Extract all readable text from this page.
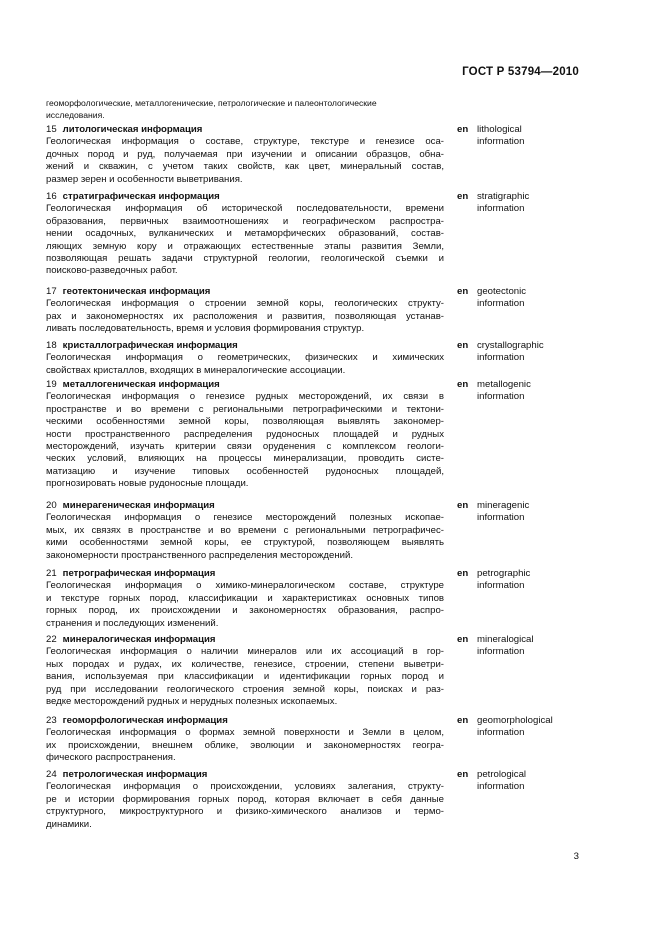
ГОСТ Р 53794—2010
геоморфологические, металлогенические, петрологические и палеонтологические
исследования.
15 литологическая информация
Геологическая информация о составе, структуре, текстуре и генезисе оса-
дочных пород и руд, получаемая при изучении и описании образцов, обна-
жений и скважин, с учетом таких свойств, как цвет, минеральный состав,
размер зерен и особенности выветривания.
en lithological
information
16 стратиграфическая информация
Геологическая информация об исторической последовательности, времени
образования, первичных взаимоотношениях и географическом распростра-
нении осадочных, вулканических и метаморфических образований, состав-
ляющих земную кору и отражающих естественные этапы развития Земли,
позволяющая решать задачи структурной геологии, геологической съемки и
поисково-разведочных работ.
en stratigraphic
information
17 геотектоническая информация
Геологическая информация о строении земной коры, геологических структу-
рах и закономерностях их расположения и развития, позволяющая устанав-
ливать последовательность, время и условия формирования структур.
en geotectonic
information
18 кристаллографическая информация
Геологическая информация о геометрических, физических и химических
свойствах кристаллов, входящих в минералогические ассоциации.
en crystallographic
information
19 металлогеническая информация
Геологическая информация о генезисе рудных месторождений, их связи в
пространстве и во времени с региональными петрографическими и тектони-
ческими особенностями земной коры, позволяющая выявлять закономер-
ности пространственного распределения рудоносных площадей и рудных
месторождений, изучать критерии связи оруденения с комплексом геологи-
ческих условий, влияющих на процессы минерализации, проводить систе-
матизацию и изучение типовых особенностей рудоносных площадей,
прогнозировать новые рудоносные площади.
en metallogenic
information
20 минерагеническая информация
Геологическая информация о генезисе месторождений полезных ископае-
мых, их связях в пространстве и во времени с региональными петрографичес-
кими особенностями земной коры, ее структурой, позволяющем выявлять
закономерности пространственного распределения месторождений.
en mineragenic
information
21 петрографическая информация
Геологическая информация о химико-минералогическом составе, структуре
и текстуре горных пород, классификации и характеристиках основных типов
горных пород, их происхождении и закономерностях образования, распро-
странения и последующих изменений.
en petrographic
information
22 минералогическая информация
Геологическая информация о наличии минералов или их ассоциаций в гор-
ных породах и рудах, их количестве, генезисе, строении, степени выветри-
вания, используемая при классификации и идентификации горных пород и
руд при исследовании геологического строения земной коры, поисках и раз-
ведке месторождений рудных и нерудных полезных ископаемых.
en mineralogical
information
23 геоморфологическая информация
Геологическая информация о формах земной поверхности и Земли в целом,
их происхождении, внешнем облике, эволюции и закономерностях геогра-
фического распространения.
en geomorphological
information
24 петрологическая информация
Геологическая информация о происхождении, условиях залегания, структу-
ре и истории формирования горных пород, которая включает в себя данные
структурного, микроструктурного и физико-химического анализов и термо-
динамики.
en petrological
information
3
